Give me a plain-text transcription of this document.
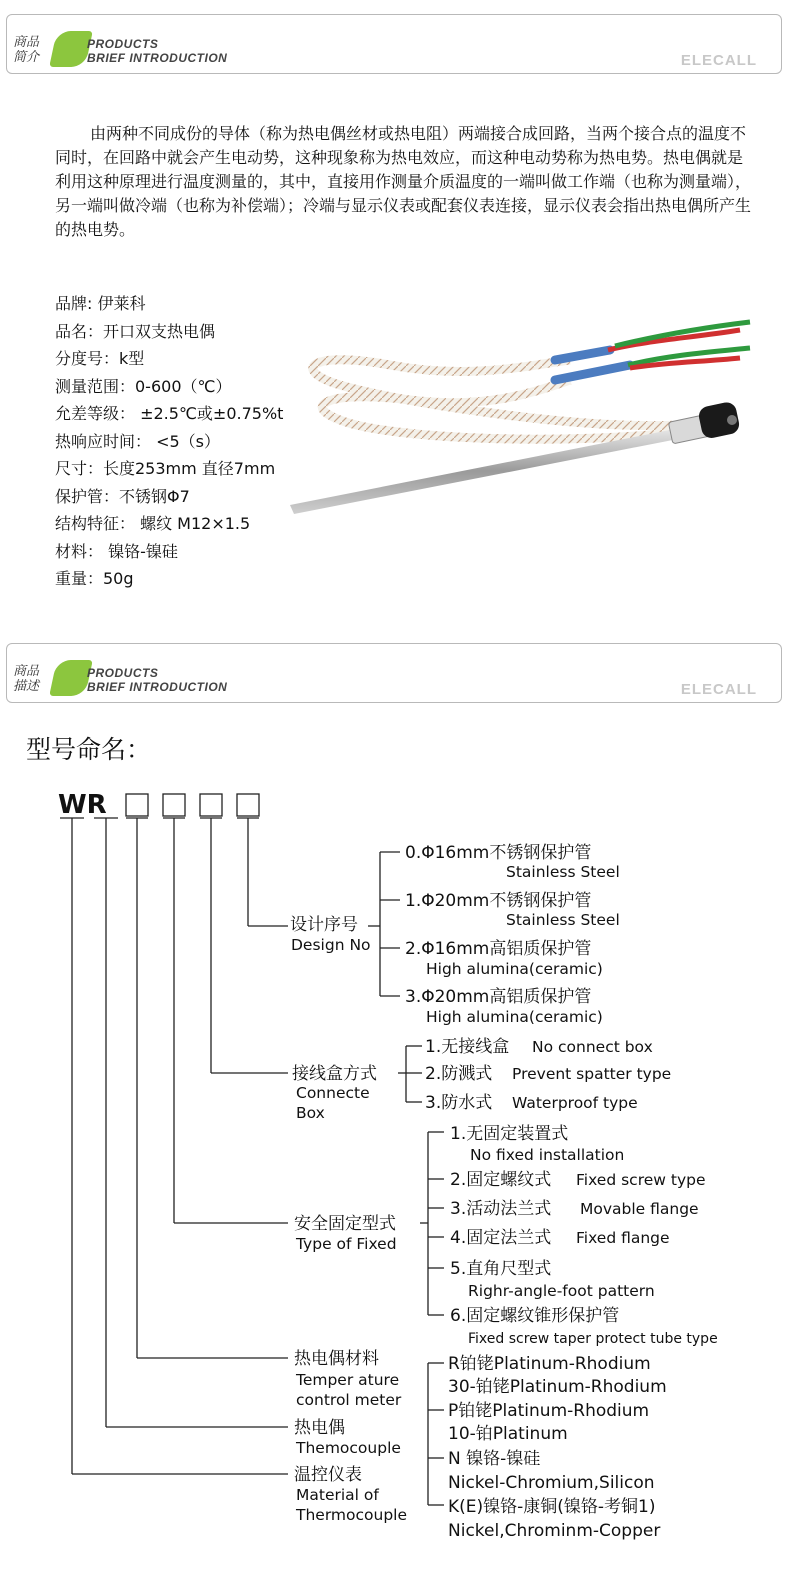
商品
简介
PRODUCTS
BRIEF INTRODUCTION	ELECALL
由两种不同成份的导体（称为热电偶丝材或热电阻）两端接合成回路，当两个接合点的温度不同时，在回路中就会产生电动势，这种现象称为热电效应，而这种电动势称为热电势。热电偶就是利用这种原理进行温度测量的，其中，直接用作测量介质温度的一端叫做工作端（也称为测量端），另一端叫做冷端（也称为补偿端）；冷端与显示仪表或配套仪表连接，显示仪表会指出热电偶所产生的热电势。
品牌: 伊莱科
品名：开口双支热电偶
分度号：k型
测量范围：0-600（℃）
允差等级： ±2.5℃或±0.75%t
热响应时间： <5（s）
尺寸：长度253mm 直径7mm
保护管：不锈钢Φ7
结构特征： 螺纹 M12×1.5
材料： 镍铬-镍硅
重量：50g
商品
描述
PRODUCTS
BRIEF INTRODUCTION	ELECALL
型号命名：
WR
设计序号
Design No
0.Φ16mm不锈钢保护管
Stainless Steel
1.Φ20mm不锈钢保护管
Stainless Steel
2.Φ16mm高铝质保护管
High alumina(ceramic)
3.Φ20mm高铝质保护管
High alumina(ceramic)
接线盒方式
Connecte
Box
1.无接线盒 No connect box
2.防溅式 Prevent spatter type
3.防水式 Waterproof type
安全固定型式
Type of Fixed
1.无固定装置式
No fixed installation
2.固定螺纹式 Fixed screw type
3.活动法兰式 Movable flange
4.固定法兰式 Fixed flange
5.直角尺型式
Righr-angle-foot pattern
6.固定螺纹锥形保护管
Fixed screw taper protect tube type
热电偶材料
Temper ature
control meter
热电偶
Themocouple
温控仪表
Material of
Thermocouple
R铂铑Platinum-Rhodium
30-铂铑Platinum-Rhodium
P铂铑Platinum-Rhodium
10-铂Platinum
N 镍铬-镍硅
Nickel-Chromium,Silicon
K(E)镍铬-康铜(镍铬-考铜1)
Nickel,Chrominm-Copper
